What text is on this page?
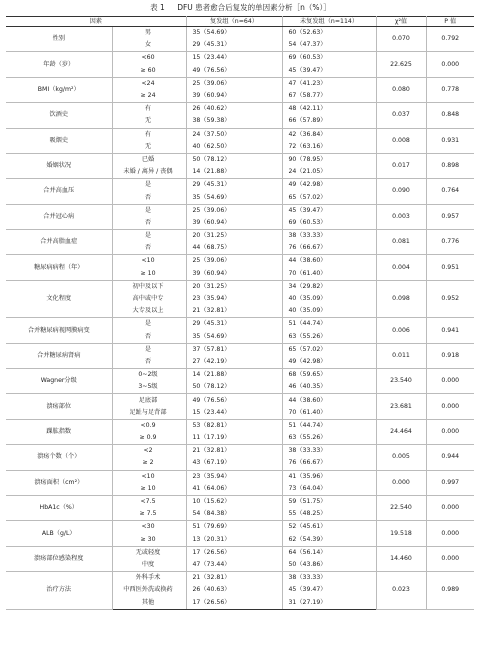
表 1 DFU 患者愈合后复发的单因素分析［n（%）］
因素		复发组（n=64）	未复发组（n=114）	χ²值	P 值
性别	男	35（54.69）	60（52.63）	0.070	0.792
	女	29（45.31）	54（47.37）		
年龄（岁）	<60	15（23.44）	69（60.53）	22.625	0.000
	≥ 60	49（76.56）	45（39.47）		
BMI（kg/m²）	<24	25（39.06）	47（41.23）	0.080	0.778
	≥ 24	39（60.94）	67（58.77）		
饮酒史	有	26（40.62）	48（42.11）	0.037	0.848
	无	38（59.38）	66（57.89）		
吸烟史	有	24（37.50）	42（36.84）	0.008	0.931
	无	40（62.50）	72（63.16）		
婚姻状况	已婚	50（78.12）	90（78.95）	0.017	0.898
	未婚 / 离异 / 丧偶	14（21.88）	24（21.05）		
合并高血压	是	29（45.31）	49（42.98）	0.090	0.764
	否	35（54.69）	65（57.02）		
合并冠心病	是	25（39.06）	45（39.47）	0.003	0.957
	否	39（60.94）	69（60.53）		
合并高脂血症	是	20（31.25）	38（33.33）	0.081	0.776
	否	44（68.75）	76（66.67）		
糖尿病病程（年）	<10	25（39.06）	44（38.60）	0.004	0.951
	≥ 10	39（60.94）	70（61.40）		
文化程度	初中及以下	20（31.25）	34（29.82）	0.098	0.952
	高中或中专	23（35.94）	40（35.09）		
	大专及以上	21（32.81）	40（35.09）		
合并糖尿病视网膜病变	是	29（45.31）	51（44.74）	0.006	0.941
	否	35（54.69）	63（55.26）		
合并糖尿病肾病	是	37（57.81）	65（57.02）	0.011	0.918
	否	27（42.19）	49（42.98）		
Wagner分级	0~2级	14（21.88）	68（59.65）	23.540	0.000
	3~5级	50（78.12）	46（40.35）		
溃疡部位	足底部	49（76.56）	44（38.60）	23.681	0.000
	足趾与足背部	15（23.44）	70（61.40）		
踝肱指数	<0.9	53（82.81）	51（44.74）	24.464	0.000
	≥ 0.9	11（17.19）	63（55.26）		
溃疡个数（个）	<2	21（32.81）	38（33.33）	0.005	0.944
	≥ 2	43（67.19）	76（66.67）		
溃疡面积（cm²）	<10	23（35.94）	41（35.96）	0.000	0.997
	≥ 10	41（64.06）	73（64.04）		
HbA1c（%）	<7.5	10（15.62）	59（51.75）	22.540	0.000
	≥ 7.5	54（84.38）	55（48.25）		
ALB（g/L）	<30	51（79.69）	52（45.61）	19.518	0.000
	≥ 30	13（20.31）	62（54.39）		
溃疡部位感染程度	无或轻度	17（26.56）	64（56.14）	14.460	0.000
	中度	47（73.44）	50（43.86）		
治疗方法	外科手术	21（32.81）	38（33.33）	0.023	0.989
	中西医外洗或换药	26（40.63）	45（39.47）		
	其他	17（26.56）	31（27.19）		
